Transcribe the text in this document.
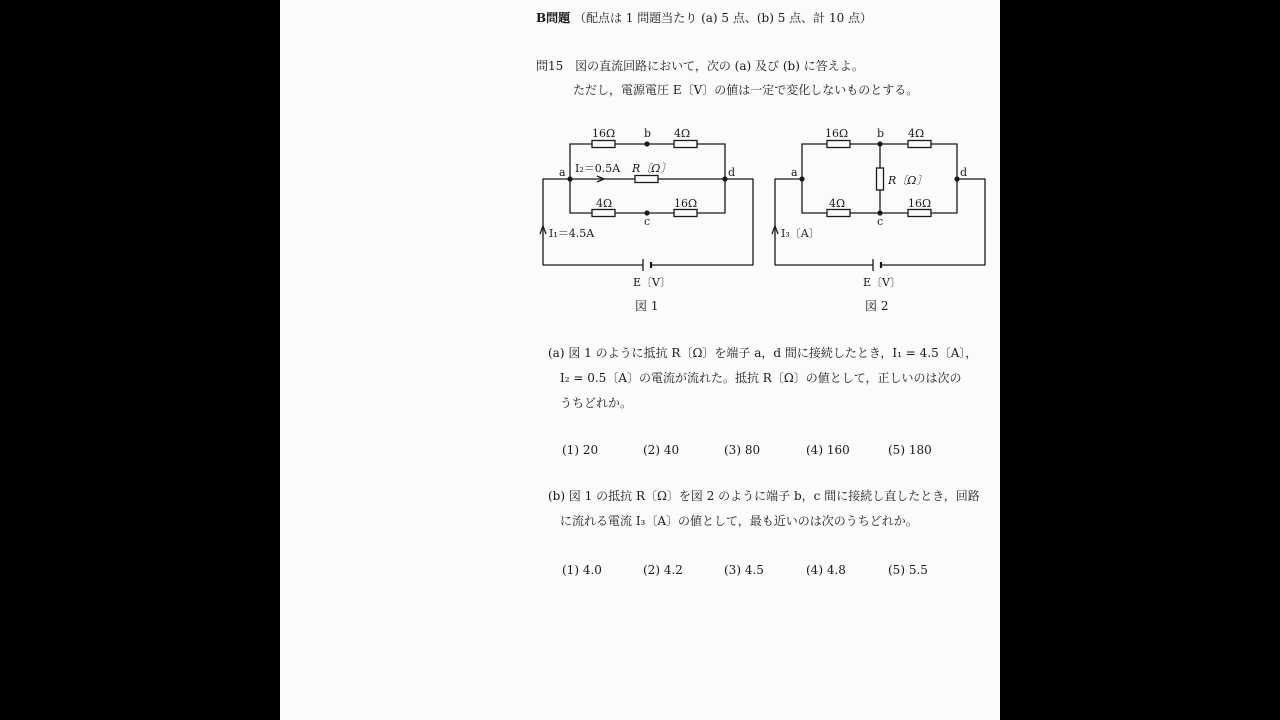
B問題 （配点は 1 問題当たり (a) 5 点、(b) 5 点、計 10 点）
問15 図の直流回路において，次の (a) 及び (b) に答えよ。
ただし，電源電圧 E〔V〕の値は一定で変化しないものとする。
16Ω	4Ω
b
I₂＝0.5A R〔Ω〕
a	d
4Ω	16Ω
c
I₁＝4.5A
E〔V〕
図 1
16Ω	4Ω
b
R〔Ω〕
a	d
4Ω	16Ω
c
I₃〔A〕
E〔V〕
図 2
(a) 図 1 のように抵抗 R〔Ω〕を端子 a，d 間に接続したとき，I₁ = 4.5〔A〕，
I₂ = 0.5〔A〕の電流が流れた。抵抗 R〔Ω〕の値として，正しいのは次の
うちどれか。
(1) 20	(2) 40	(3) 80	(4) 160	(5) 180
(b) 図 1 の抵抗 R〔Ω〕を図 2 のように端子 b，c 間に接続し直したとき，回路
に流れる電流 I₃〔A〕の値として，最も近いのは次のうちどれか。
(1) 4.0	(2) 4.2	(3) 4.5	(4) 4.8	(5) 5.5
